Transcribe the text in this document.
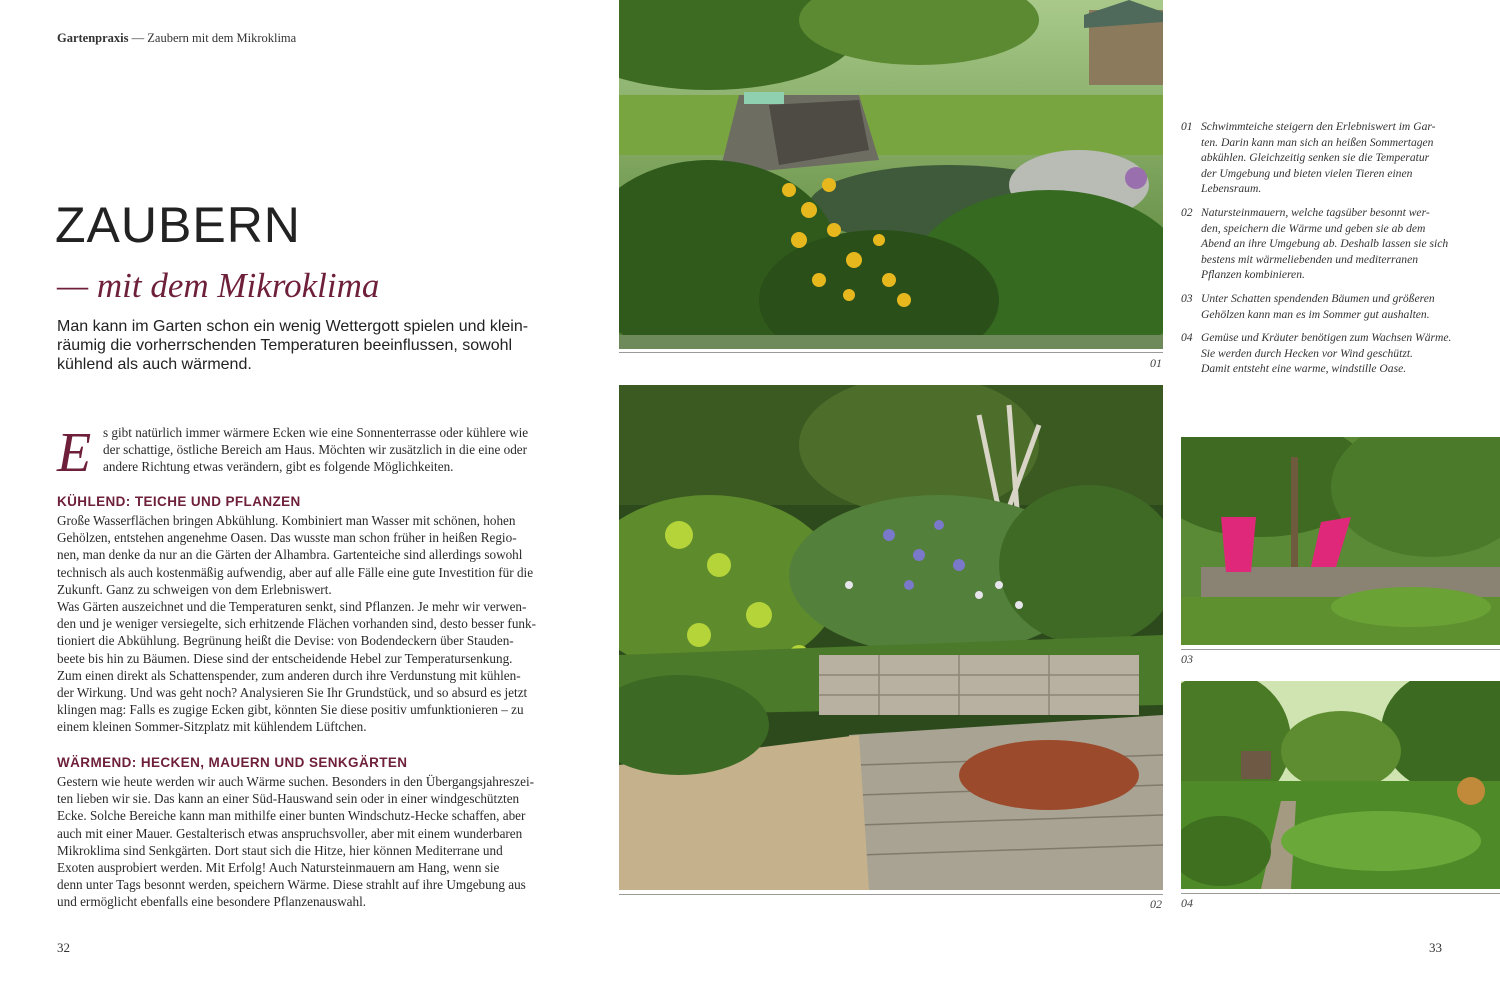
Gartenpraxis — Zaubern mit dem Mikroklima
ZAUBERN
— mit dem Mikroklima
Man kann im Garten schon ein wenig Wettergott spielen und klein-
räumig die vorherrschenden Temperaturen beeinflussen, sowohl
kühlend als auch wärmend.
E s gibt natürlich immer wärmere Ecken wie eine Sonnenterrasse oder kühlere wie
der schattige, östliche Bereich am Haus. Möchten wir zusätzlich in die eine oder
andere Richtung etwas verändern, gibt es folgende Möglichkeiten.
KÜHLEND: TEICHE UND PFLANZEN
Große Wasserflächen bringen Abkühlung. Kombiniert man Wasser mit schönen, hohen
Gehölzen, entstehen angenehme Oasen. Das wusste man schon früher in heißen Regio-
nen, man denke da nur an die Gärten der Alhambra. Gartenteiche sind allerdings sowohl
technisch als auch kostenmäßig aufwendig, aber auf alle Fälle eine gute Investition für die
Zukunft. Ganz zu schweigen von dem Erlebniswert.
Was Gärten auszeichnet und die Temperaturen senkt, sind Pflanzen. Je mehr wir verwen-
den und je weniger versiegelte, sich erhitzende Flächen vorhanden sind, desto besser funk-
tioniert die Abkühlung. Begrünung heißt die Devise: von Bodendeckern über Stauden-
beete bis hin zu Bäumen. Diese sind der entscheidende Hebel zur Temperatursenkung.
Zum einen direkt als Schattenspender, zum anderen durch ihre Verdunstung mit kühlen-
der Wirkung. Und was geht noch? Analysieren Sie Ihr Grundstück, und so absurd es jetzt
klingen mag: Falls es zugige Ecken gibt, könnten Sie diese positiv umfunktionieren – zu
einem kleinen Sommer-Sitzplatz mit kühlendem Lüftchen.
WÄRMEND: HECKEN, MAUERN UND SENKGÄRTEN
Gestern wie heute werden wir auch Wärme suchen. Besonders in den Übergangsjahreszei-
ten lieben wir sie. Das kann an einer Süd-Hauswand sein oder in einer windgeschützten
Ecke. Solche Bereiche kann man mithilfe einer bunten Windschutz-Hecke schaffen, aber
auch mit einer Mauer. Gestalterisch etwas anspruchsvoller, aber mit einem wunderbaren
Mikroklima sind Senkgärten. Dort staut sich die Hitze, hier können Mediterrane und
Exoten ausprobiert werden. Mit Erfolg! Auch Natursteinmauern am Hang, wenn sie
denn unter Tags besonnt werden, speichern Wärme. Diese strahlt auf ihre Umgebung aus
und ermöglicht ebenfalls eine besondere Pflanzenauswahl.
32
01
02
03
04
01 Schwimmteiche steigern den Erlebniswert im Gar-
ten. Darin kann man sich an heißen Sommertagen
abkühlen. Gleichzeitig senken sie die Temperatur
der Umgebung und bieten vielen Tieren einen
Lebensraum.
02 Natursteinmauern, welche tagsüber besonnt wer-
den, speichern die Wärme und geben sie ab dem
Abend an ihre Umgebung ab. Deshalb lassen sie sich
bestens mit wärmeliebenden und mediterranen
Pflanzen kombinieren.
03 Unter Schatten spendenden Bäumen und größeren
Gehölzen kann man es im Sommer gut aushalten.
04 Gemüse und Kräuter benötigen zum Wachsen Wärme.
Sie werden durch Hecken vor Wind geschützt.
Damit entsteht eine warme, windstille Oase.
33
